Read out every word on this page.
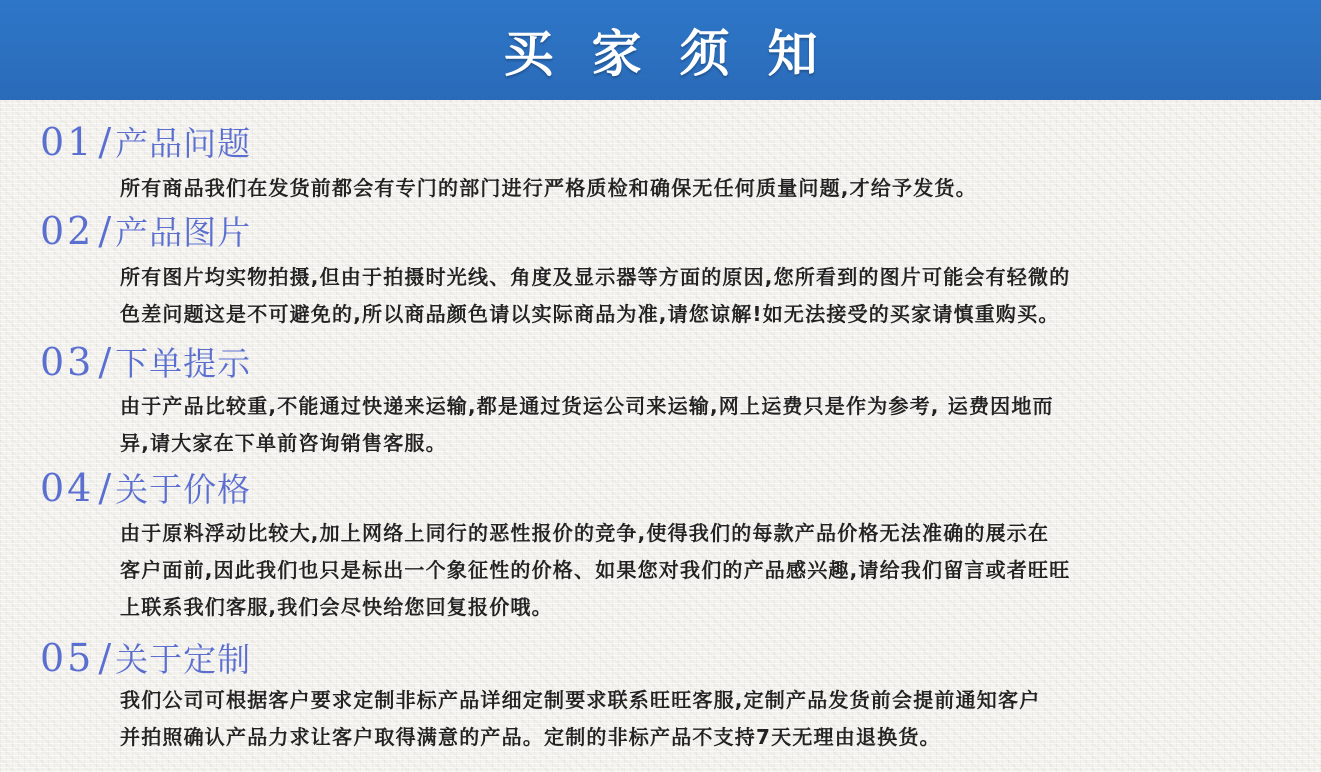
买家须知
01 / 产品问题
所有商品我们在发货前都会有专门的部门进行严格质检和确保无任何质量问题,才给予发货。
02 / 产品图片
所有图片均实物拍摄,但由于拍摄时光线、角度及显示器等方面的原因,您所看到的图片可能会有轻微的
色差问题这是不可避免的,所以商品颜色请以实际商品为准,请您谅解!如无法接受的买家请慎重购买。
03 / 下单提示
由于产品比较重,不能通过快递来运输,都是通过货运公司来运输,网上运费只是作为参考, 运费因地而
异,请大家在下单前咨询销售客服。
04 / 关于价格
由于原料浮动比较大,加上网络上同行的恶性报价的竞争,使得我们的每款产品价格无法准确的展示在
客户面前,因此我们也只是标出一个象征性的价格、如果您对我们的产品感兴趣,请给我们留言或者旺旺
上联系我们客服,我们会尽快给您回复报价哦。
05 / 关于定制
我们公司可根据客户要求定制非标产品详细定制要求联系旺旺客服,定制产品发货前会提前通知客户
并拍照确认产品力求让客户取得满意的产品。定制的非标产品不支持7天无理由退换货。
